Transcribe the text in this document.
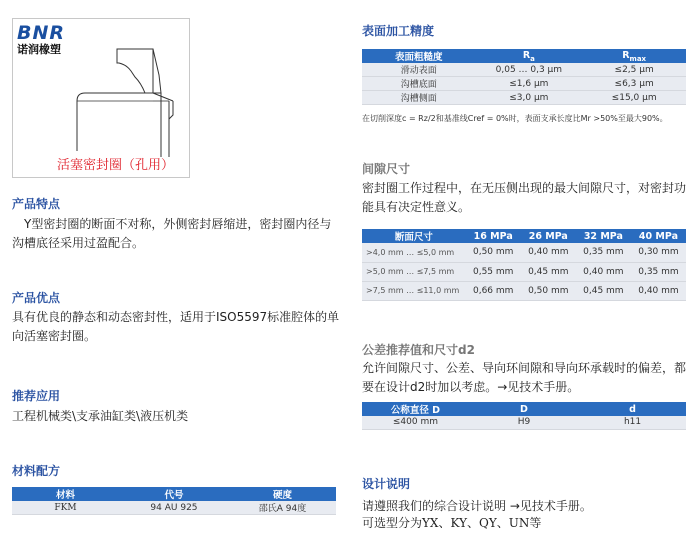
BNR
诺润橡塑
活塞密封圈（孔用）
产品特点
　Y型密封圈的断面不对称，外侧密封唇缩进，密封圈内径与沟槽底径采用过盈配合。
产品优点
具有优良的静态和动态密封性，适用于ISO5597标准腔体的单向活塞密封圈。
推荐应用
工程机械类\支承油缸类\液压机类
材料配方
材料	代号	硬度
FKM	94 AU 925	邵氏A 94度
表面加工精度
表面粗糙度	$R_a$	$R_{max}$
滑动表面	0,05 … 0,3 μm	≤2,5 μm
沟槽底面	≤1,6 μm	≤6,3 μm
沟槽侧面	≤3,0 μm	≤15,0 μm
在切削深度c = Rz/2和基准线Cref = 0%时，表面支承长度比Mr >50%至最大90%。
间隙尺寸
密封圈工作过程中，在无压侧出现的最大间隙尺寸，对密封功能具有决定性意义。
断面尺寸	16 MPa	26 MPa	32 MPa	40 MPa
>4,0 mm … ≤5,0 mm	0,50 mm	0,40 mm	0,35 mm	0,30 mm
>5,0 mm … ≤7,5 mm	0,55 mm	0,45 mm	0,40 mm	0,35 mm
>7,5 mm … ≤11,0 mm	0,66 mm	0,50 mm	0,45 mm	0,40 mm
公差推荐值和尺寸d2
允许间隙尺寸、公差、导向环间隙和导向环承载时的偏差，都要在设计d2时加以考虑。→见技术手册。
公称直径 D	D	d
≤400 mm	H9	h11
设计说明
请遵照我们的综合设计说明 →见技术手册。
可选型分为YX、KY、QY、UN等
